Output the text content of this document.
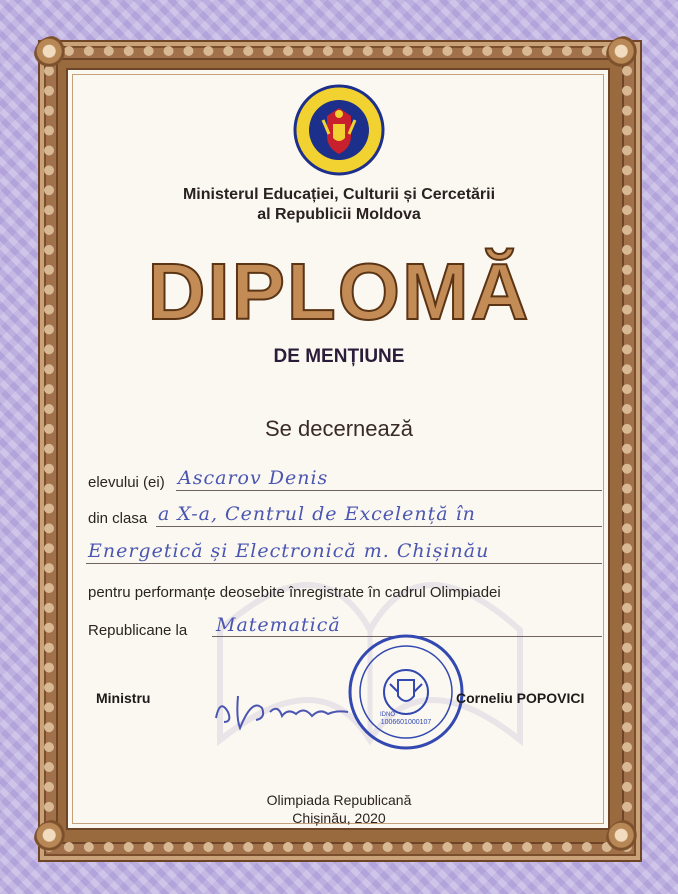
Ministerul Educației, Culturii și Cercetării
al Republicii Moldova
DIPLOMĂ
DE MENȚIUNE
Se decernează
elevului (ei) Ascarov Denis
din clasa a X-a, Centrul de Excelență în
Energetică și Electronică m. Chișinău
pentru performanțe deosebite înregistrate în cadrul Olimpiadei
Republicane la Matematică
Ministru
1006601000107
IDNO
Corneliu POPOVICI
Olimpiada Republicană
Chișinău, 2020
